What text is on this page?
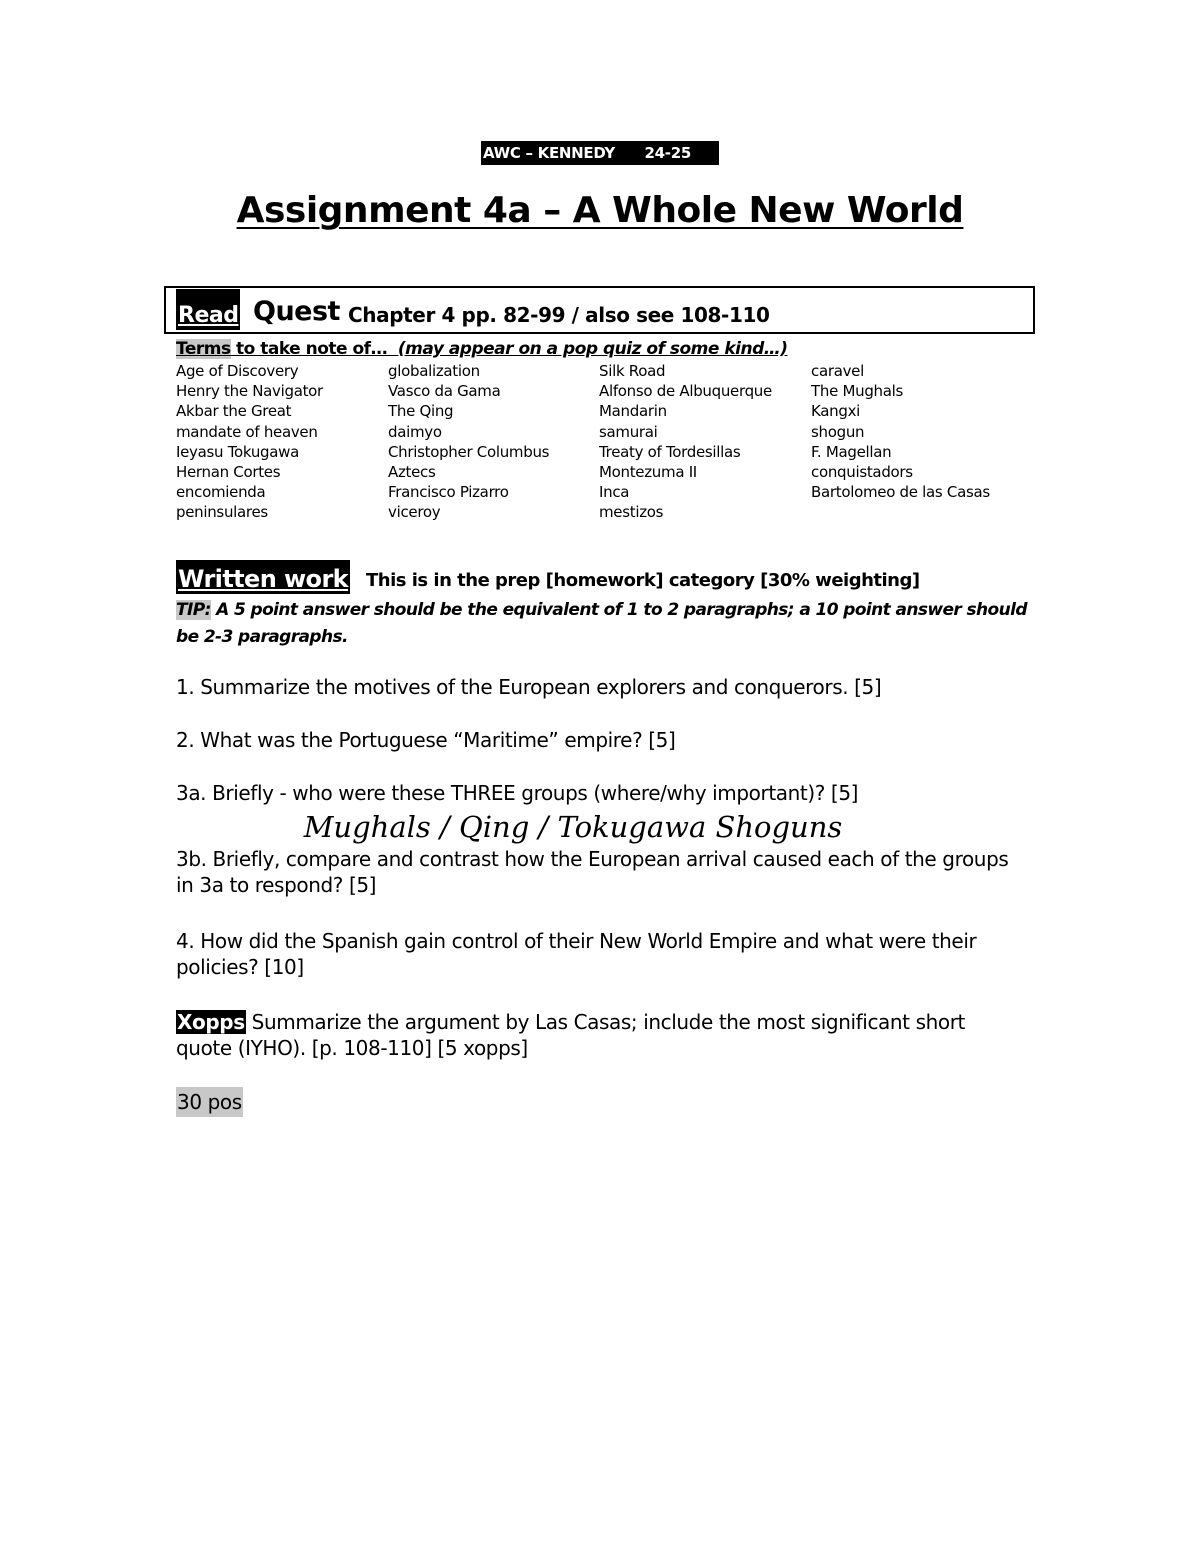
AWC – KENNEDY      24-25
Assignment 4a – A Whole New World
Read Quest Chapter 4 pp. 82-99 / also see 108-110
Terms to take note of…  (may appear on a pop quiz of some kind…)
Age of Discovery	globalization	Silk Road	caravel
Henry the Navigator	Vasco da Gama	Alfonso de Albuquerque	The Mughals
Akbar the Great	The Qing	Mandarin	Kangxi
mandate of heaven	daimyo	samurai	shogun
Ieyasu Tokugawa	Christopher Columbus	Treaty of Tordesillas	F. Magellan
Hernan Cortes	Aztecs	Montezuma II	conquistadors
encomienda	Francisco Pizarro	Inca	Bartolomeo de las Casas
peninsulares	viceroy	mestizos
Written work This is in the prep [homework] category [30% weighting]
TIP: A 5 point answer should be the equivalent of 1 to 2 paragraphs; a 10 point answer should be 2-3 paragraphs.
1. Summarize the motives of the European explorers and conquerors. [5]
2. What was the Portuguese “Maritime” empire? [5]
3a. Briefly - who were these THREE groups (where/why important)? [5]
Mughals / Qing / Tokugawa Shoguns
3b. Briefly, compare and contrast how the European arrival caused each of the groups in 3a to respond? [5]
4. How did the Spanish gain control of their New World Empire and what were their policies? [10]
Xopps Summarize the argument by Las Casas; include the most significant short quote (IYHO). [p. 108-110] [5 xopps]
30 pos
